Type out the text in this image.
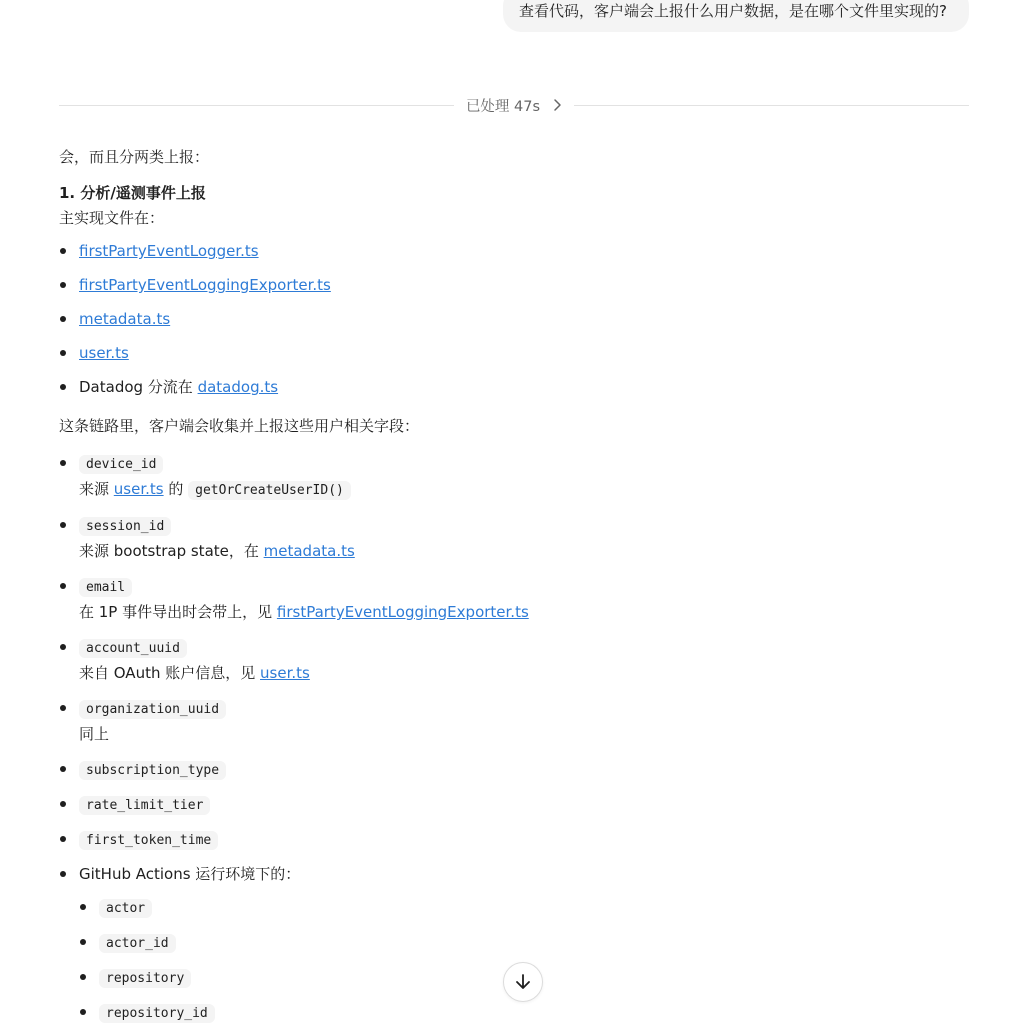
查看代码，客户端会上报什么用户数据，是在哪个文件里实现的?
已处理 47s

会，而且分两类上报：

1. 分析/遥测事件上报

主实现文件在：

firstPartyEventLogger.ts
firstPartyEventLoggingExporter.ts
metadata.ts
user.ts
Datadog 分流在 datadog.ts

这条链路里，客户端会收集并上报这些用户相关字段：

device_id
来源 user.ts 的 getOrCreateUserID()
session_id
来源 bootstrap state，在 metadata.ts
email
在 1P 事件导出时会带上，见 firstPartyEventLoggingExporter.ts
account_uuid
来自 OAuth 账户信息，见 user.ts
organization_uuid
同上
subscription_type
rate_limit_tier
first_token_time
GitHub Actions 运行环境下的：
actor
actor_id
repository
repository_id
